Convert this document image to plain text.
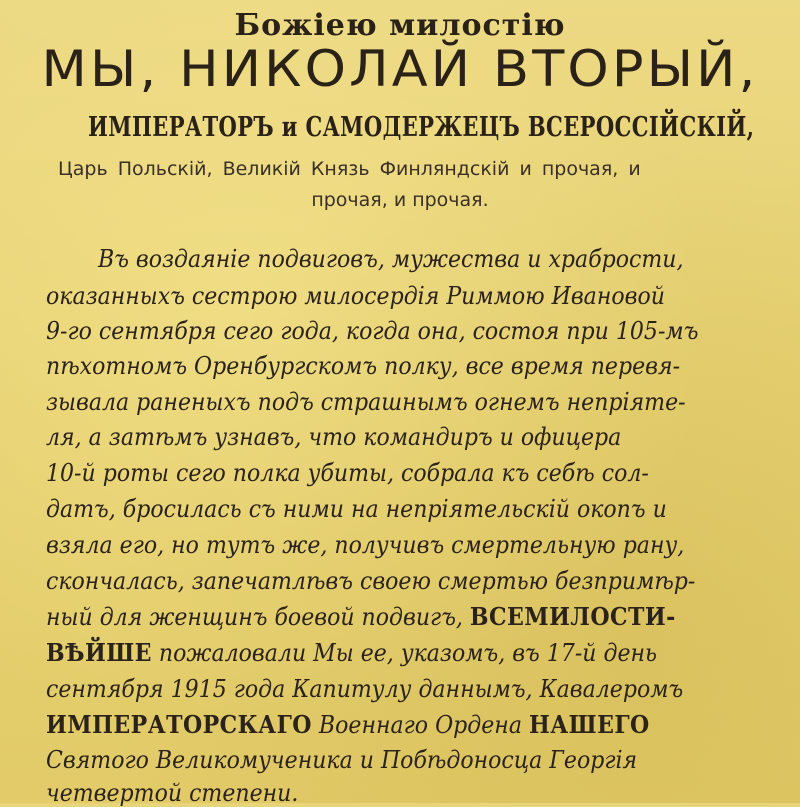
Божіею милостію
МЫ, НИКОЛАЙ ВТОРЫЙ,
ИМПЕРАТОРЪ и САМОДЕРЖЕЦЪ ВСЕРОССІЙСКІЙ,
Царь Польскій, Великій Князь Финляндскій и прочая, и
прочая, и прочая.
Въ воздаяніе подвиговъ, мужества и храбрости,
оказанныхъ сестрою милосердія Риммою Ивановой
9-го сентября сего года, когда она, состоя при 105-мъ
пѣхотномъ Оренбургскомъ полку, все время перевя-
зывала раненыхъ подъ страшнымъ огнемъ непріяте-
ля, а затѣмъ узнавъ, что командиръ и офицера
10-й роты сего полка убиты, собрала къ себѣ сол-
датъ, бросилась съ ними на непріятельскій окопъ и
взяла его, но тутъ же, получивъ смертельную рану,
скончалась, запечатлѣвъ своею смертью безпримѣр-
ный для женщинъ боевой подвигъ, ВСЕМИЛОСТИ-
ВѢЙШЕ пожаловали Мы ее, указомъ, въ 17-й день
сентября 1915 года Капитулу даннымъ, Кавалеромъ
ИМПЕРАТОРСКАГО Военнаго Ордена НАШЕГО
Святого Великомученика и Побѣдоносца Георгія
четвертой степени.
